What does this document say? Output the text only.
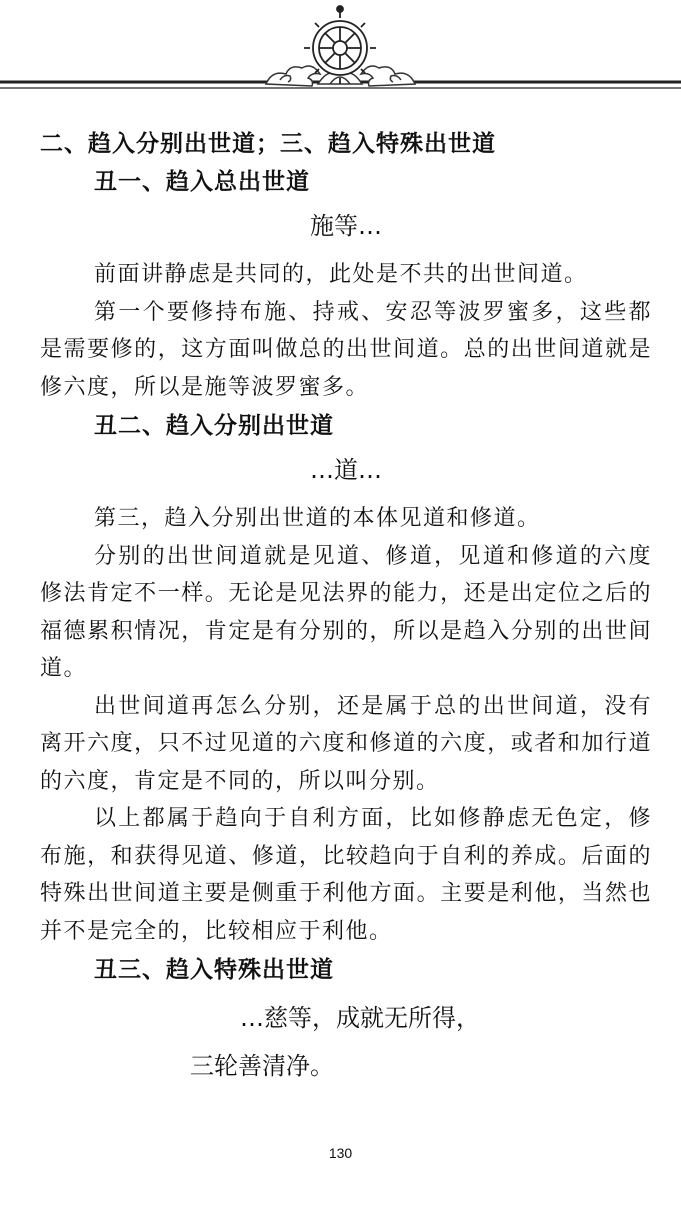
二、趋入分别出世道；三、趋入特殊出世道
丑一、趋入总出世道
施等…

前面讲静虑是共同的，此处是不共的出世间道。

第一个要修持布施、持戒、安忍等波罗蜜多，这些都是需要修的，这方面叫做总的出世间道。总的出世间道就是修六度，所以是施等波罗蜜多。

丑二、趋入分别出世道
…道…

第三，趋入分别出世道的本体见道和修道。

分别的出世间道就是见道、修道，见道和修道的六度修法肯定不一样。无论是见法界的能力，还是出定位之后的福德累积情况，肯定是有分别的，所以是趋入分别的出世间道。

出世间道再怎么分别，还是属于总的出世间道，没有离开六度，只不过见道的六度和修道的六度，或者和加行道的六度，肯定是不同的，所以叫分别。

以上都属于趋向于自利方面，比如修静虑无色定，修布施，和获得见道、修道，比较趋向于自利的养成。后面的特殊出世间道主要是侧重于利他方面。主要是利他，当然也并不是完全的，比较相应于利他。

丑三、趋入特殊出世道
…慈等，成就无所得，
三轮善清净。
130
